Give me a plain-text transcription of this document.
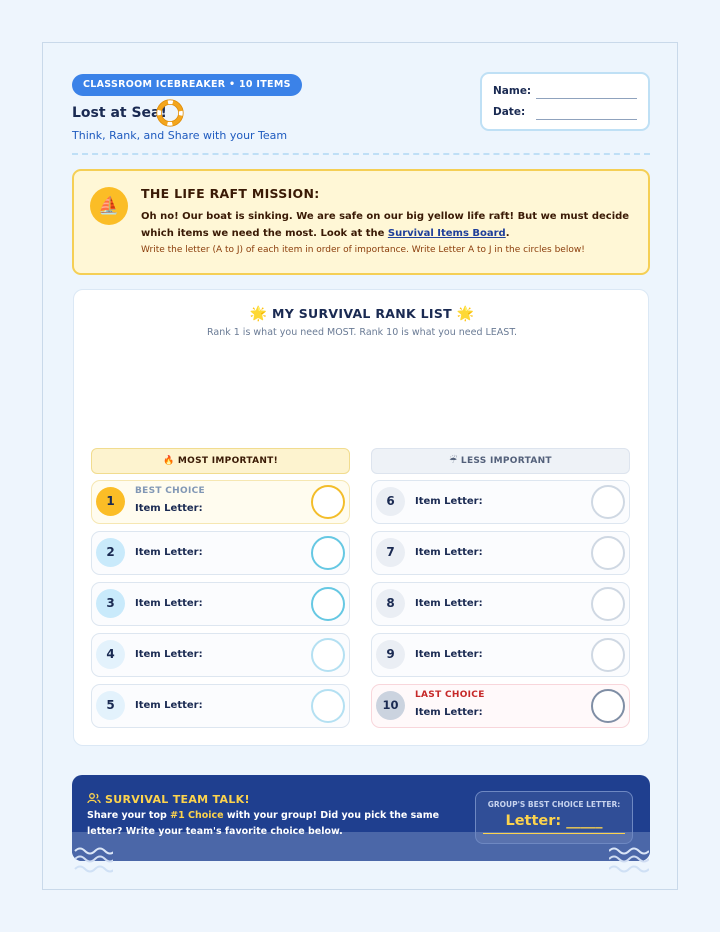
CLASSROOM ICEBREAKER • 10 ITEMS
Lost at Sea!
Think, Rank, and Share with your Team
Name:
Date:
⛵
THE LIFE RAFT MISSION:
Oh no! Our boat is sinking. We are safe on our big yellow life raft! But we must decide which items we need the most. Look at the Survival Items Board.
Write the letter (A to J) of each item in order of importance. Write Letter A to J in the circles below!
🌟 MY SURVIVAL RANK LIST 🌟
Rank 1 is what you need MOST. Rank 10 is what you need LEAST.
🔥 MOST IMPORTANT!	☔ LESS IMPORTANT
1
BEST CHOICE
Item Letter:
2	Item Letter:
3	Item Letter:
4	Item Letter:
5	Item Letter:
6	Item Letter:
7	Item Letter:
8	Item Letter:
9	Item Letter:
10
LAST CHOICE
Item Letter:
SURVIVAL TEAM TALK!
Share your top #1 Choice with your group! Did you pick the same letter? Write your team's favorite choice below.
GROUP'S BEST CHOICE LETTER:
Letter: _____
